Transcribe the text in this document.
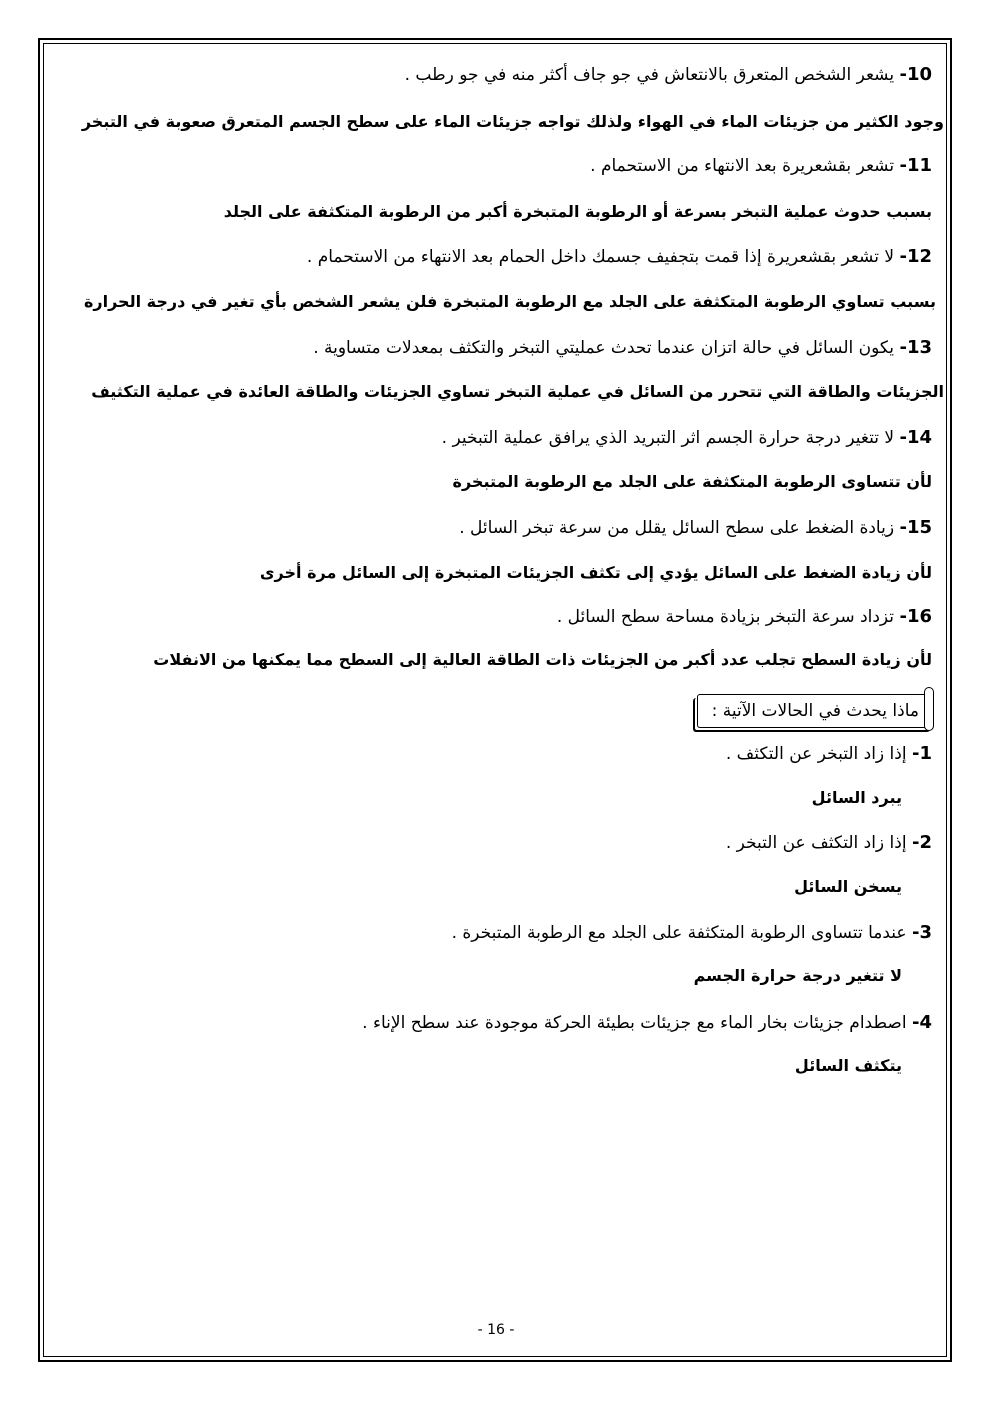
10- يشعر الشخص المتعرق بالانتعاش في جو جاف أكثر منه في جو رطب .
وجود الكثير من جزيئات الماء في الهواء ولذلك تواجه جزيئات الماء على سطح الجسم المتعرق صعوبة في التبخر
11- تشعر بقشعريرة بعد الانتهاء من الاستحمام .
بسبب حدوث عملية التبخر بسرعة أو الرطوبة المتبخرة أكبر من الرطوبة المتكثفة على الجلد
12- لا تشعر بقشعريرة إذا قمت بتجفيف جسمك داخل الحمام بعد الانتهاء من الاستحمام .
بسبب تساوي الرطوبة المتكثفة على الجلد مع الرطوبة المتبخرة فلن يشعر الشخص بأي تغير في درجة الحرارة
13- يكون السائل في حالة اتزان عندما تحدث عمليتي التبخر والتكثف بمعدلات متساوية .
الجزيئات والطاقة التي تتحرر من السائل في عملية التبخر تساوي الجزيئات والطاقة العائدة في عملية التكثيف
14- لا تتغير درجة حرارة الجسم اثر التبريد الذي يرافق عملية التبخير .
لأن تتساوى الرطوبة المتكثفة على الجلد مع الرطوبة المتبخرة
15- زيادة الضغط على سطح السائل يقلل من سرعة تبخر السائل .
لأن زيادة الضغط على السائل يؤدي إلى تكثف الجزيئات المتبخرة إلى السائل مرة أخرى
16- تزداد سرعة التبخر بزيادة مساحة سطح السائل .
لأن زيادة السطح تجلب عدد أكبر من الجزيئات ذات الطاقة العالية إلى السطح مما يمكنها من الانفلات
ماذا يحدث في الحالات الآتية :
1- إذا زاد التبخر عن التكثف .
يبرد السائل
2- إذا زاد التكثف عن التبخر .
يسخن السائل
3- عندما تتساوى الرطوبة المتكثفة على الجلد مع الرطوبة المتبخرة .
لا تتغير درجة حرارة الجسم
4- اصطدام جزيئات بخار الماء مع جزيئات بطيئة الحركة موجودة عند سطح الإناء .
يتكثف السائل
- 16 -
